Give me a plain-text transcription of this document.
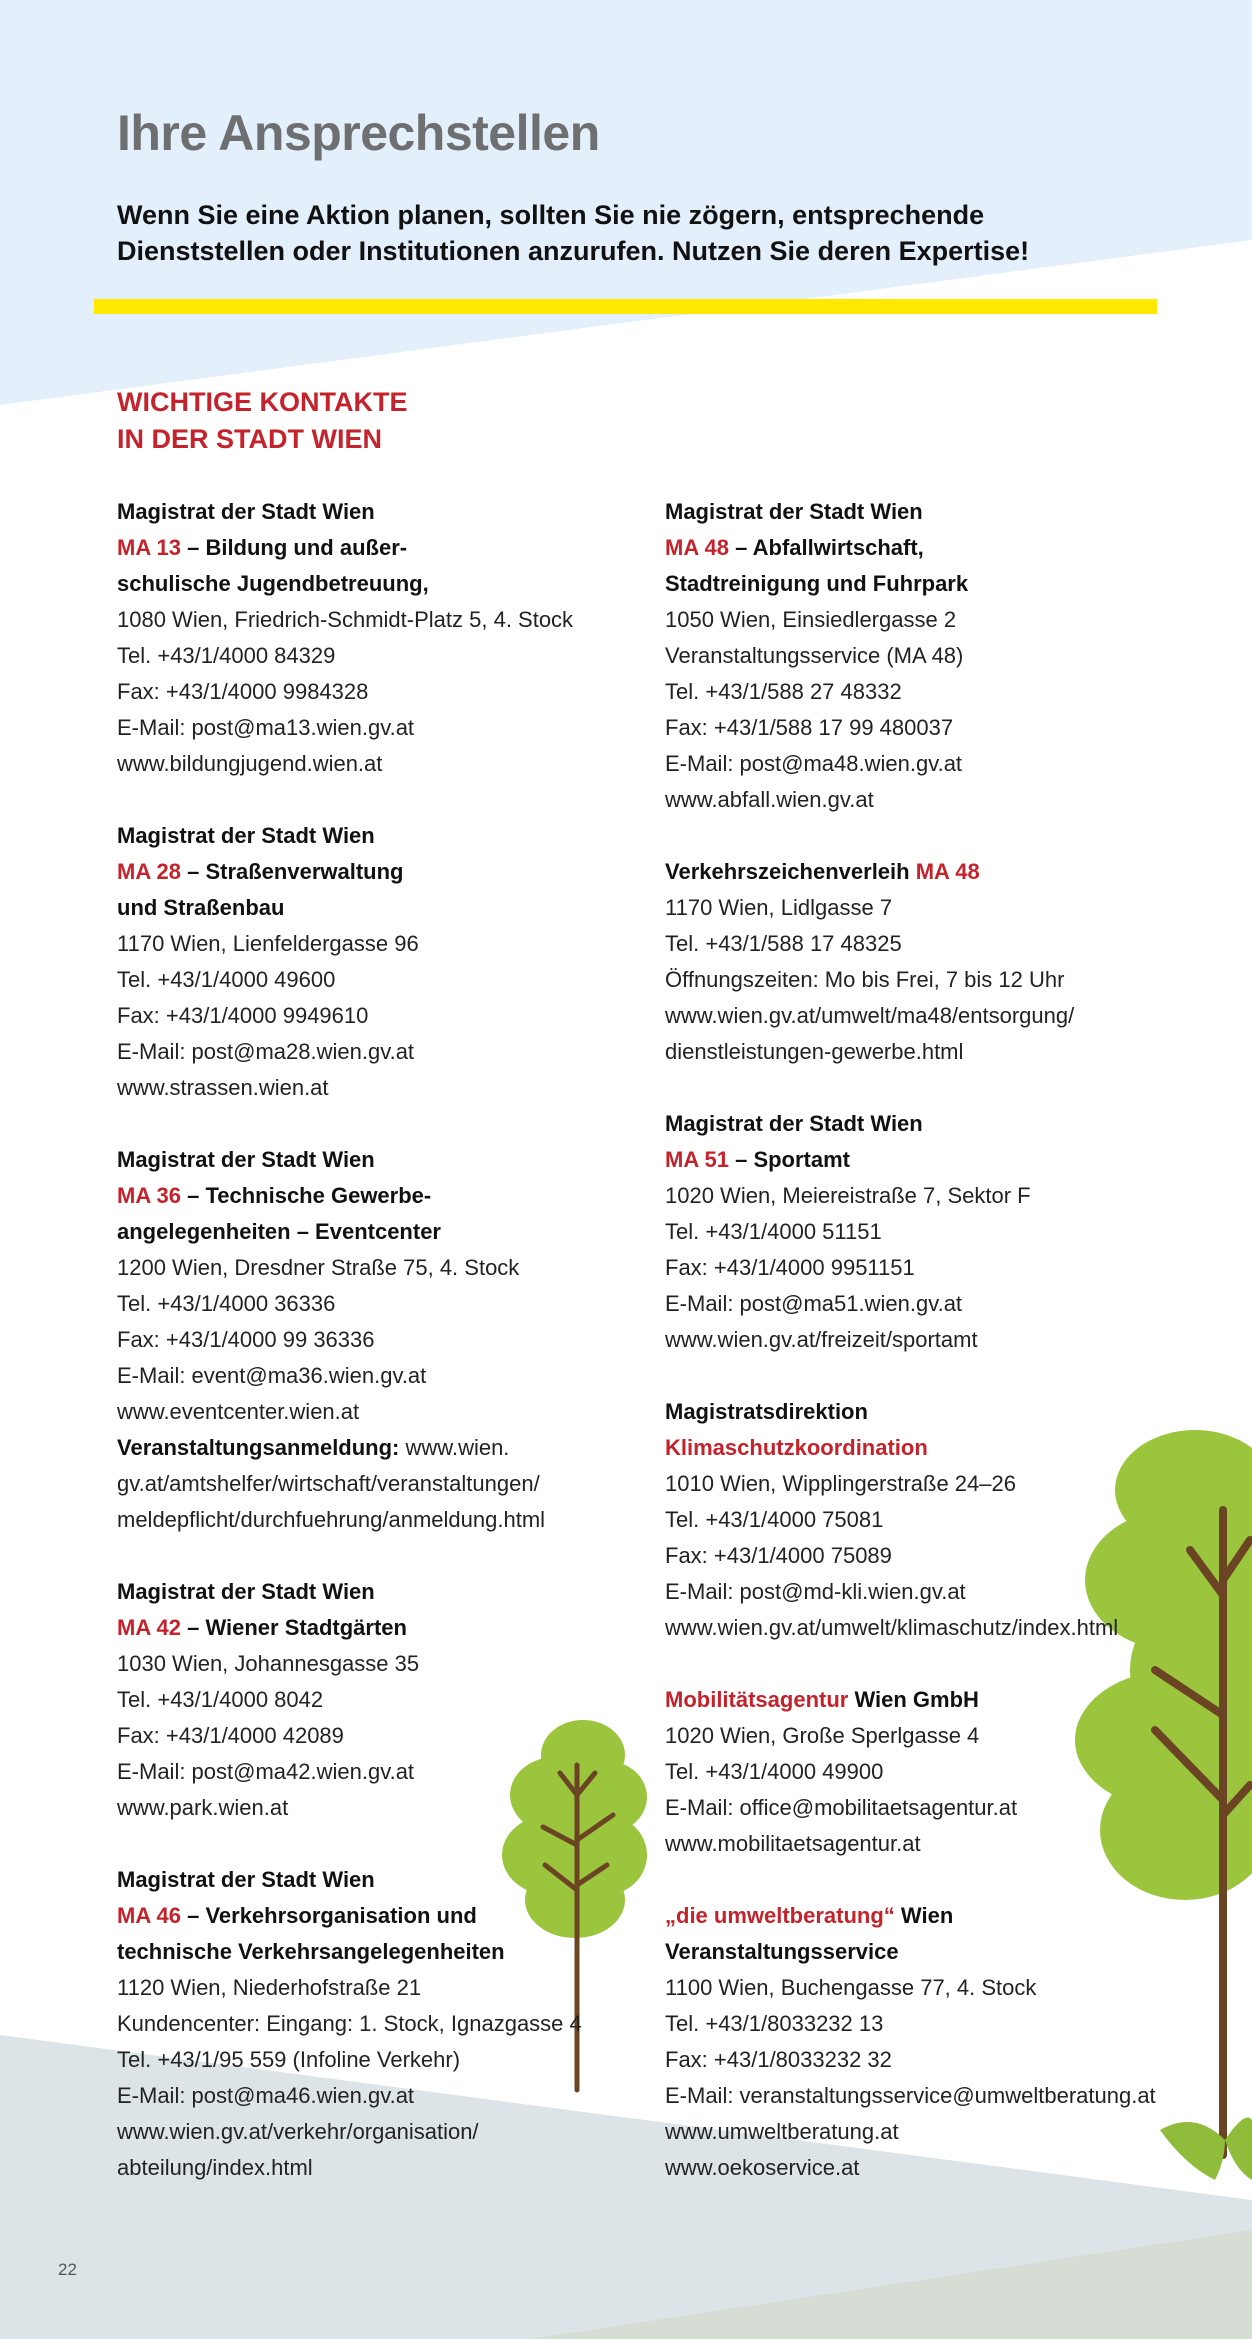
Ihre Ansprechstellen
Wenn Sie eine Aktion planen, sollten Sie nie zögern, entsprechende
Dienststellen oder Institutionen anzurufen. Nutzen Sie deren Expertise!
WICHTIGE KONTAKTE
IN DER STADT WIEN
Magistrat der Stadt Wien
MA 13 – Bildung und außer-
schulische Jugendbetreuung,
1080 Wien, Friedrich-Schmidt-Platz 5, 4. Stock
Tel. +43/1/4000 84329
Fax: +43/1/4000 9984328
E-Mail: post@ma13.wien.gv.at
www.bildungjugend.wien.at
Magistrat der Stadt Wien
MA 28 – Straßenverwaltung
und Straßenbau
1170 Wien, Lienfeldergasse 96
Tel. +43/1/4000 49600
Fax: +43/1/4000 9949610
E-Mail: post@ma28.wien.gv.at
www.strassen.wien.at
Magistrat der Stadt Wien
MA 36 – Technische Gewerbe-
angelegenheiten – Eventcenter
1200 Wien, Dresdner Straße 75, 4. Stock
Tel. +43/1/4000 36336
Fax: +43/1/4000 99 36336
E-Mail: event@ma36.wien.gv.at
www.eventcenter.wien.at
Veranstaltungsanmeldung: www.wien.
gv.at/amtshelfer/wirtschaft/veranstaltungen/
meldepflicht/durchfuehrung/anmeldung.html
Magistrat der Stadt Wien
MA 42 – Wiener Stadtgärten
1030 Wien, Johannesgasse 35
Tel. +43/1/4000 8042
Fax: +43/1/4000 42089
E-Mail: post@ma42.wien.gv.at
www.park.wien.at
Magistrat der Stadt Wien
MA 46 – Verkehrsorganisation und
technische Verkehrsangelegenheiten
1120 Wien, Niederhofstraße 21
Kundencenter: Eingang: 1. Stock, Ignazgasse 4
Tel. +43/1/95 559 (Infoline Verkehr)
E-Mail: post@ma46.wien.gv.at
www.wien.gv.at/verkehr/organisation/
abteilung/index.html
Magistrat der Stadt Wien
MA 48 – Abfallwirtschaft,
Stadtreinigung und Fuhrpark
1050 Wien, Einsiedlergasse 2
Veranstaltungsservice (MA 48)
Tel. +43/1/588 27 48332
Fax: +43/1/588 17 99 480037
E-Mail: post@ma48.wien.gv.at
www.abfall.wien.gv.at
Verkehrszeichenverleih MA 48
1170 Wien, Lidlgasse 7
Tel. +43/1/588 17 48325
Öffnungszeiten: Mo bis Frei, 7 bis 12 Uhr
www.wien.gv.at/umwelt/ma48/entsorgung/
dienstleistungen-gewerbe.html
Magistrat der Stadt Wien
MA 51 – Sportamt
1020 Wien, Meiereistraße 7, Sektor F
Tel. +43/1/4000 51151
Fax: +43/1/4000 9951151
E-Mail: post@ma51.wien.gv.at
www.wien.gv.at/freizeit/sportamt
Magistratsdirektion
Klimaschutzkoordination
1010 Wien, Wipplingerstraße 24–26
Tel. +43/1/4000 75081
Fax: +43/1/4000 75089
E-Mail: post@md-kli.wien.gv.at
www.wien.gv.at/umwelt/klimaschutz/index.html
Mobilitätsagentur Wien GmbH
1020 Wien, Große Sperlgasse 4
Tel. +43/1/4000 49900
E-Mail: office@mobilitaetsagentur.at
www.mobilitaetsagentur.at
„die umweltberatung“ Wien
Veranstaltungsservice
1100 Wien, Buchengasse 77, 4. Stock
Tel. +43/1/8033232 13
Fax: +43/1/8033232 32
E-Mail: veranstaltungsservice@umweltberatung.at
www.umweltberatung.at
www.oekoservice.at
22
